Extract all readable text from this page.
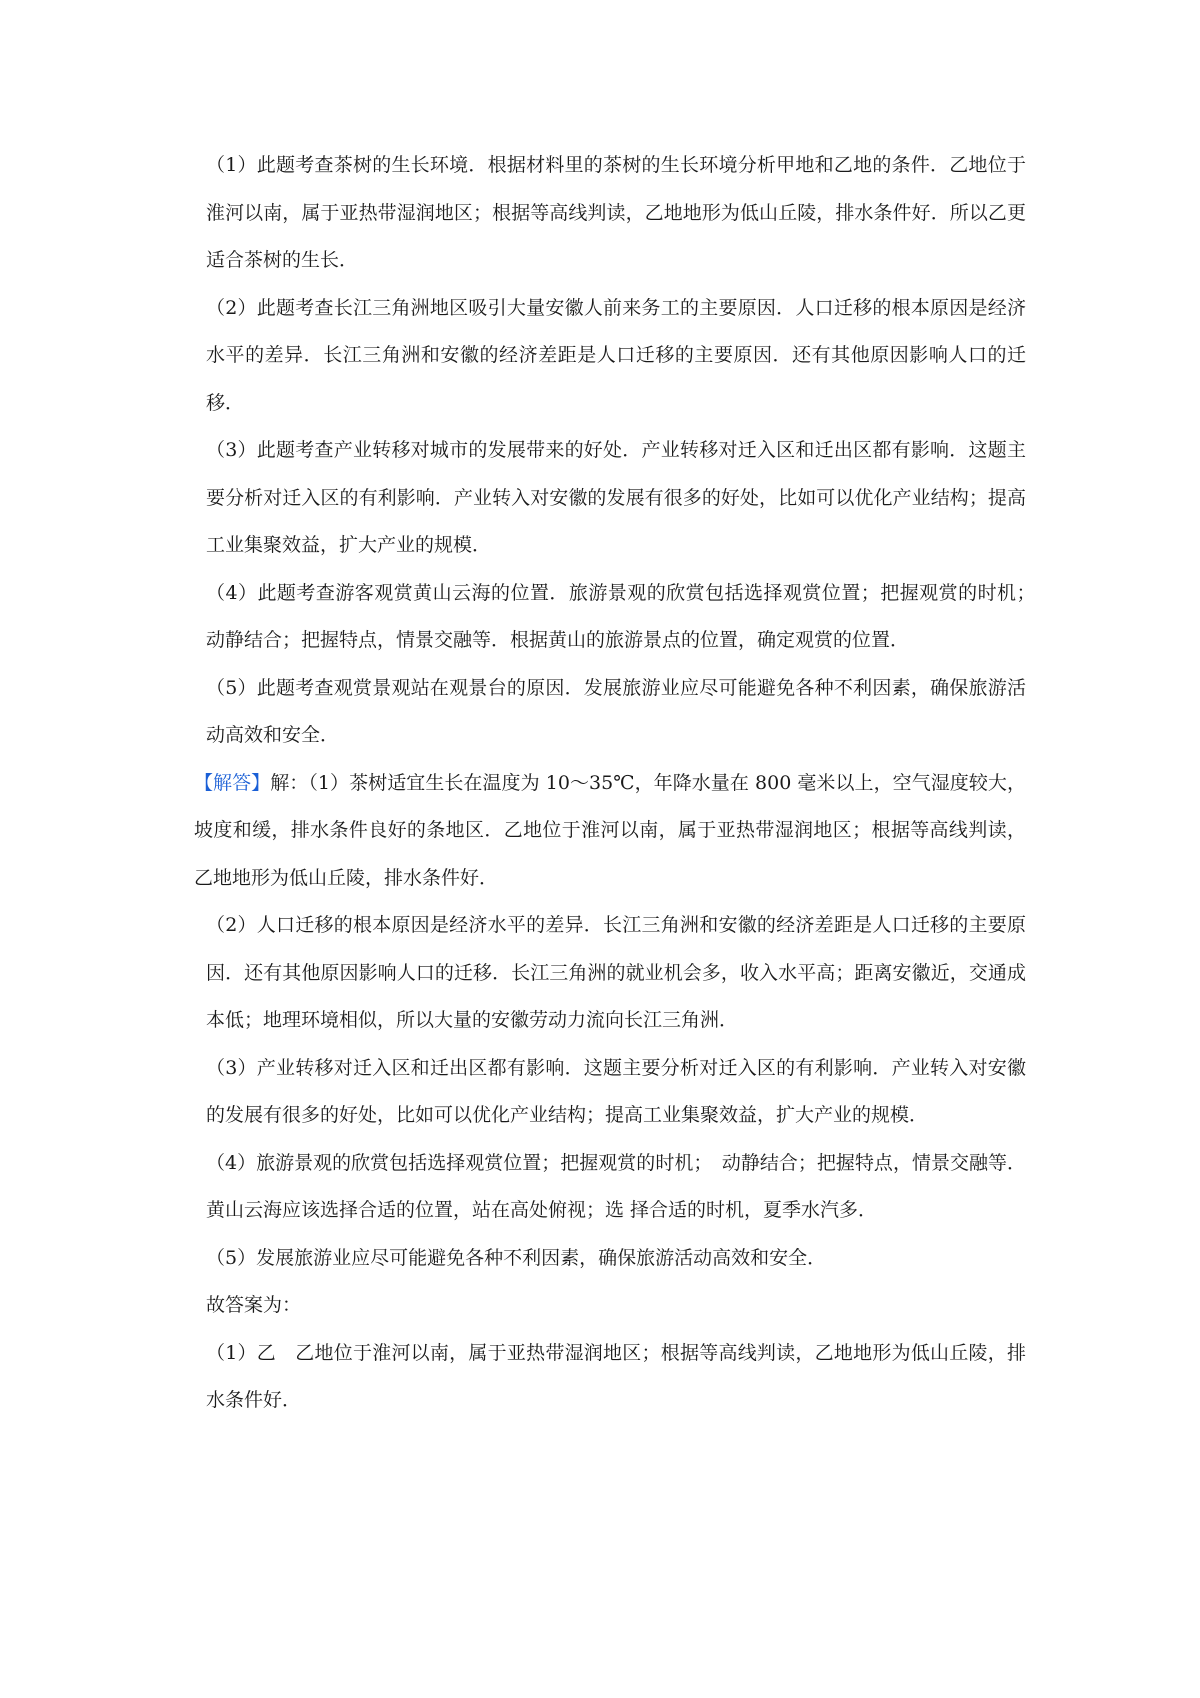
（1）此题考查茶树的生长环境．根据材料里的茶树的生长环境分析甲地和乙地的条件．乙地位于淮河以南，属于亚热带湿润地区；根据等高线判读，乙地地形为低山丘陵，排水条件好．所以乙更适合茶树的生长．

（2）此题考查长江三角洲地区吸引大量安徽人前来务工的主要原因．人口迁移的根本原因是经济水平的差异．长江三角洲和安徽的经济差距是人口迁移的主要原因．还有其他原因影响人口的迁移．

（3）此题考查产业转移对城市的发展带来的好处．产业转移对迁入区和迁出区都有影响．这题主要分析对迁入区的有利影响．产业转入对安徽的发展有很多的好处，比如可以优化产业结构；提高工业集聚效益，扩大产业的规模．

（4）此题考查游客观赏黄山云海的位置．旅游景观的欣赏包括选择观赏位置；把握观赏的时机；　动静结合；把握特点，情景交融等．根据黄山的旅游景点的位置，确定观赏的位置．

（5）此题考查观赏景观站在观景台的原因．发展旅游业应尽可能避免各种不利因素，确保旅游活动高效和安全．

【解答】解：（1）茶树适宜生长在温度为 10～35℃，年降水量在 800 毫米以上，空气湿度较大，坡度和缓，排水条件良好的条地区．乙地位于淮河以南，属于亚热带湿润地区；根据等高线判读，乙地地形为低山丘陵，排水条件好．

（2）人口迁移的根本原因是经济水平的差异．长江三角洲和安徽的经济差距是人口迁移的主要原因．还有其他原因影响人口的迁移．长江三角洲的就业机会多，收入水平高；距离安徽近，交通成本低；地理环境相似，所以大量的安徽劳动力流向长江三角洲．

（3）产业转移对迁入区和迁出区都有影响．这题主要分析对迁入区的有利影响．产业转入对安徽的发展有很多的好处，比如可以优化产业结构；提高工业集聚效益，扩大产业的规模．

（4）旅游景观的欣赏包括选择观赏位置；把握观赏的时机；　动静结合；把握特点，情景交融等．黄山云海应该选择合适的位置，站在高处俯视；选 择合适的时机，夏季水汽多．

（5）发展旅游业应尽可能避免各种不利因素，确保旅游活动高效和安全．

故答案为：

（1）乙　乙地位于淮河以南，属于亚热带湿润地区；根据等高线判读，乙地地形为低山丘陵，排水条件好．
